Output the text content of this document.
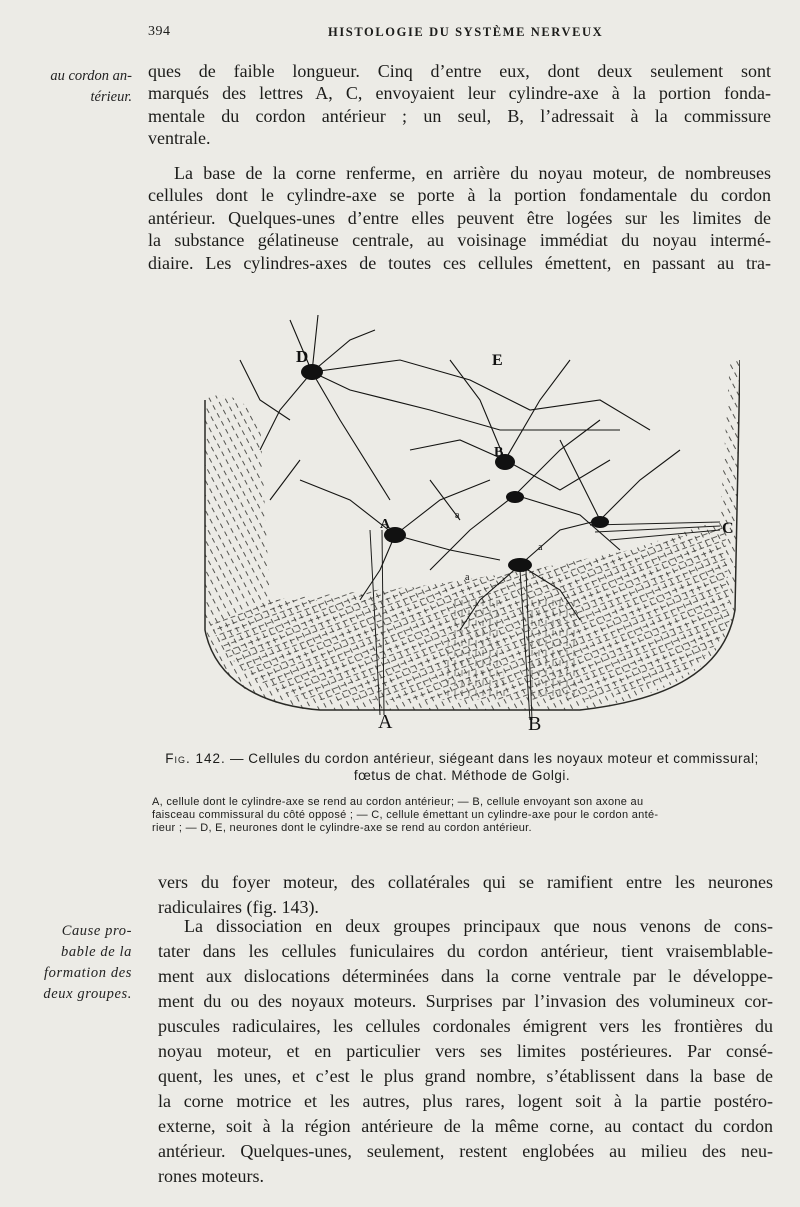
394	HISTOLOGIE DU SYSTÈME NERVEUX
au cordon an-
térieur.
ques de faible longueur. Cinq d’entre eux, dont deux seulement sont
marqués des lettres A, C, envoyaient leur cylindre-axe à la portion fonda-
mentale du cordon antérieur ; un seul, B, l’adressait à la commissure
ventrale.
La base de la corne renferme, en arrière du noyau moteur, de nombreuses
cellules dont le cylindre-axe se porte à la portion fondamentale du cordon
antérieur. Quelques-unes d’entre elles peuvent être logées sur les limites de
la substance gélatineuse centrale, au voisinage immédiat du noyau intermé-
diaire. Les cylindres-axes de toutes ces cellules émettent, en passant au tra-
D	E
B
A	C
a
a
a
A	B
Fig. 142. — Cellules du cordon antérieur, siégeant dans les noyaux moteur et commissural; fœtus de chat. Méthode de Golgi.
A, cellule dont le cylindre-axe se rend au cordon antérieur; — B, cellule envoyant son axone au
faisceau commissural du côté opposé ; — C, cellule émettant un cylindre-axe pour le cordon anté-
rieur ; — D, E, neurones dont le cylindre-axe se rend au cordon antérieur.
vers du foyer moteur, des collatérales qui se ramifient entre les neurones
radiculaires (fig. 143).
Cause pro-
bable de la
formation des
deux groupes.
La dissociation en deux groupes principaux que nous venons de cons-
tater dans les cellules funiculaires du cordon antérieur, tient vraisemblable-
ment aux dislocations déterminées dans la corne ventrale par le développe-
ment du ou des noyaux moteurs. Surprises par l’invasion des volumineux cor-
puscules radiculaires, les cellules cordonales émigrent vers les frontières du
noyau moteur, et en particulier vers ses limites postérieures. Par consé-
quent, les unes, et c’est le plus grand nombre, s’établissent dans la base de
la corne motrice et les autres, plus rares, logent soit à la partie postéro-
externe, soit à la région antérieure de la même corne, au contact du cordon
antérieur. Quelques-unes, seulement, restent englobées au milieu des neu-
rones moteurs.
